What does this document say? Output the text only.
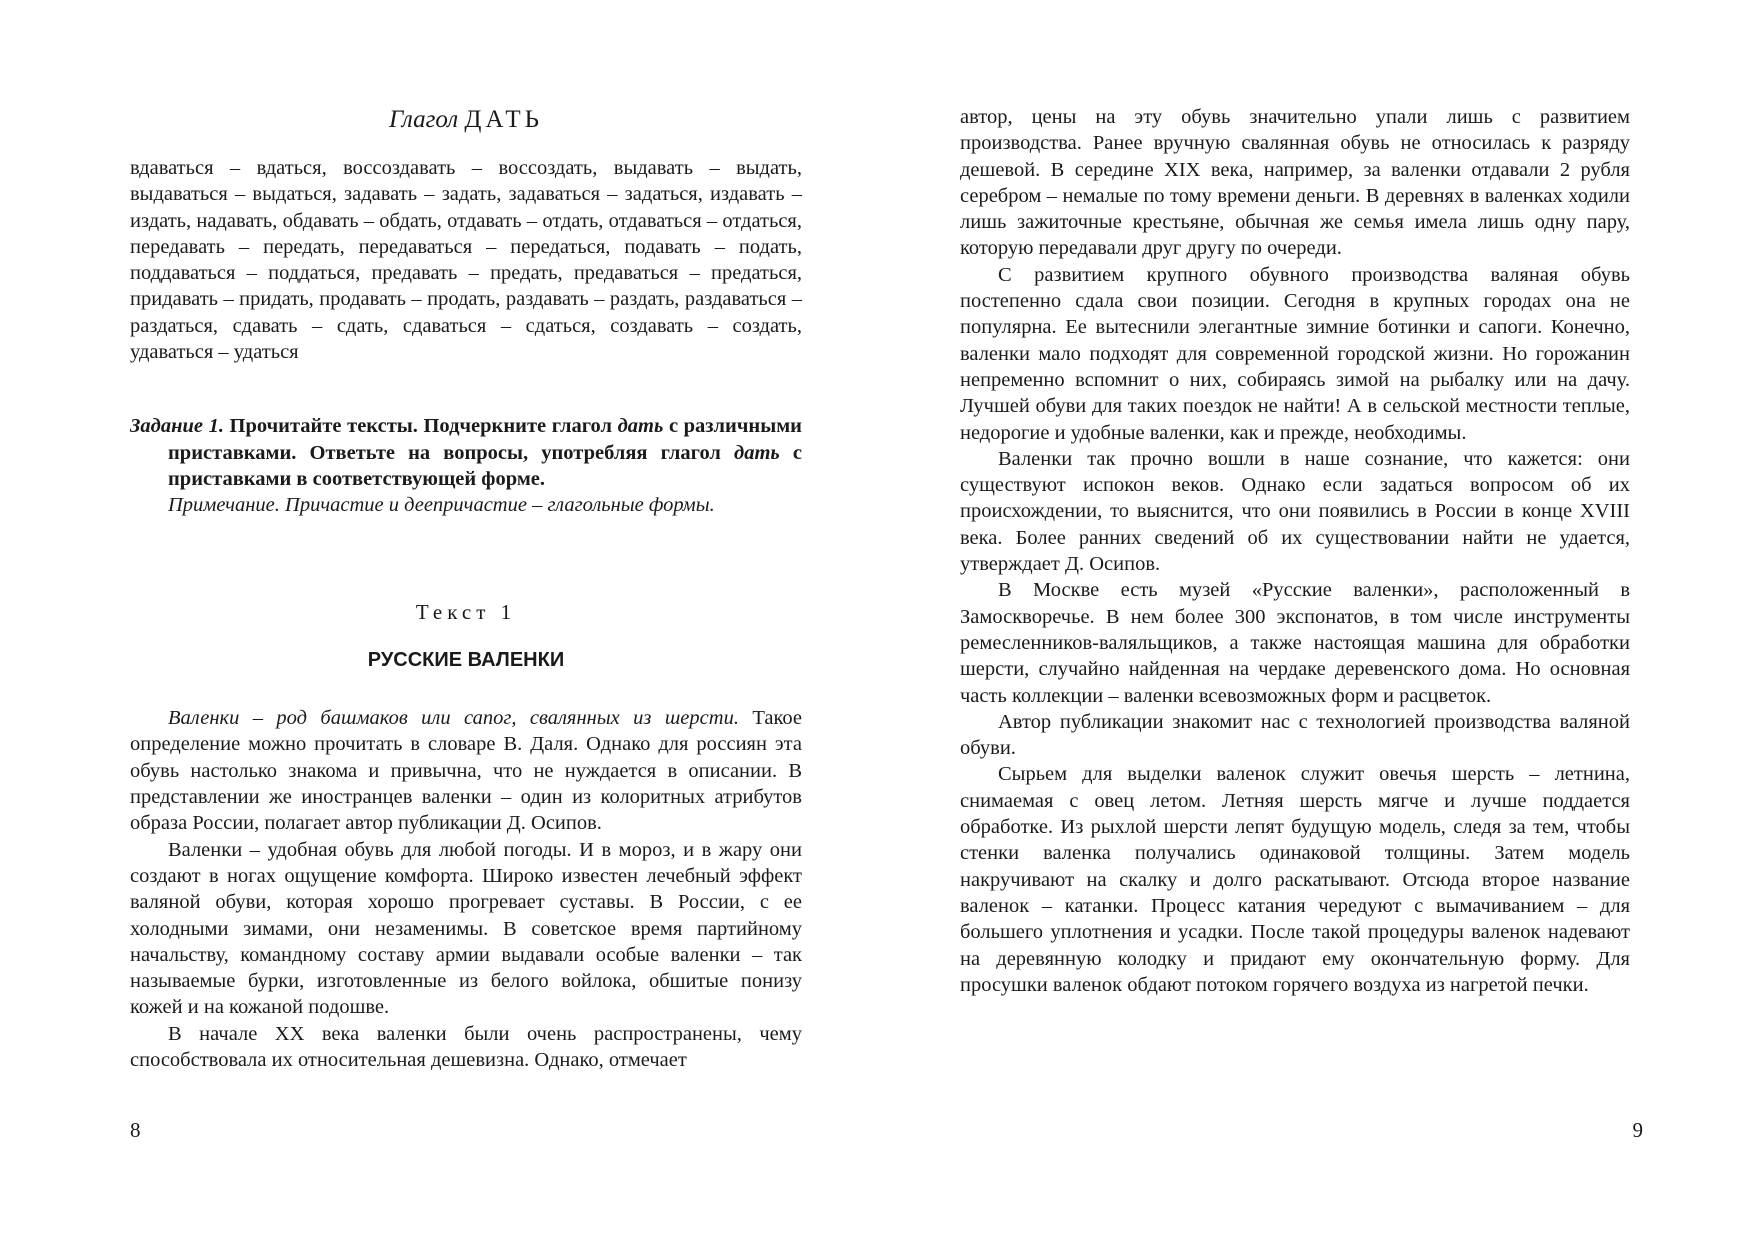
Глагол ДАТЬ

вдаваться – вдаться, воссоздавать – воссоздать, выдавать – выдать, выдаваться – выдаться, задавать – задать, задаваться – задаться, издавать – издать, надавать, обдавать – обдать, отдавать – отдать, отдаваться – отдаться, передавать – передать, передаваться – передаться, подавать – подать, поддаваться – поддаться, предавать – предать, предаваться – предаться, придавать – придать, продавать – продать, раздавать – раздать, раздаваться – раздаться, сдавать – сдать, сдаваться – сдаться, создавать – создать, удаваться – удаться

Задание 1. Прочитайте тексты. Подчеркните глагол дать с различными приставками. Ответьте на вопросы, употребляя глагол дать с приставками в соответствующей форме.

Примечание. Причастие и деепричастие – глагольные формы.

Текст 1
РУССКИЕ ВАЛЕНКИ

Валенки – род башмаков или сапог, свалянных из шерсти. Такое определение можно прочитать в словаре В. Даля. Однако для россиян эта обувь настолько знакома и привычна, что не нуждается в описании. В представлении же иностранцев валенки – один из колоритных атрибутов образа России, полагает автор публикации Д. Осипов.

Валенки – удобная обувь для любой погоды. И в мороз, и в жару они создают в ногах ощущение комфорта. Широко известен лечебный эффект валяной обуви, которая хорошо прогревает суставы. В России, с ее холодными зимами, они незаменимы. В советское время партийному начальству, командному составу армии выдавали особые валенки – так называемые бурки, изготовленные из белого войлока, обшитые понизу кожей и на кожаной подошве.

В начале XX века валенки были очень распространены, чему способствовала их относительная дешевизна. Однако, отмечает

8

автор, цены на эту обувь значительно упали лишь с развитием производства. Ранее вручную свалянная обувь не относилась к разряду дешевой. В середине XIX века, например, за валенки отдавали 2 рубля серебром – немалые по тому времени деньги. В деревнях в валенках ходили лишь зажиточные крестьяне, обычная же семья имела лишь одну пару, которую передавали друг другу по очереди.

С развитием крупного обувного производства валяная обувь постепенно сдала свои позиции. Сегодня в крупных городах она не популярна. Ее вытеснили элегантные зимние ботинки и сапоги. Конечно, валенки мало подходят для современной городской жизни. Но горожанин непременно вспомнит о них, собираясь зимой на рыбалку или на дачу. Лучшей обуви для таких поездок не найти! А в сельской местности теплые, недорогие и удобные валенки, как и прежде, необходимы.

Валенки так прочно вошли в наше сознание, что кажется: они существуют испокон веков. Однако если задаться вопросом об их происхождении, то выяснится, что они появились в России в конце XVIII века. Более ранних сведений об их существовании найти не удается, утверждает Д. Осипов.

В Москве есть музей «Русские валенки», расположенный в Замоскворечье. В нем более 300 экспонатов, в том числе инструменты ремесленников-валяльщиков, а также настоящая машина для обработки шерсти, случайно найденная на чердаке деревенского дома. Но основная часть коллекции – валенки всевозможных форм и расцветок.

Автор публикации знакомит нас с технологией производства валяной обуви.

Сырьем для выделки валенок служит овечья шерсть – летнина, снимаемая с овец летом. Летняя шерсть мягче и лучше поддается обработке. Из рыхлой шерсти лепят будущую модель, следя за тем, чтобы стенки валенка получались одинаковой толщины. Затем модель накручивают на скалку и долго раскатывают. Отсюда второе название валенок – катанки. Процесс катания чередуют с вымачиванием – для большего уплотнения и усадки. После такой процедуры валенок надевают на деревянную колодку и придают ему окончательную форму. Для просушки валенок обдают потоком горячего воздуха из нагретой печки.

9
